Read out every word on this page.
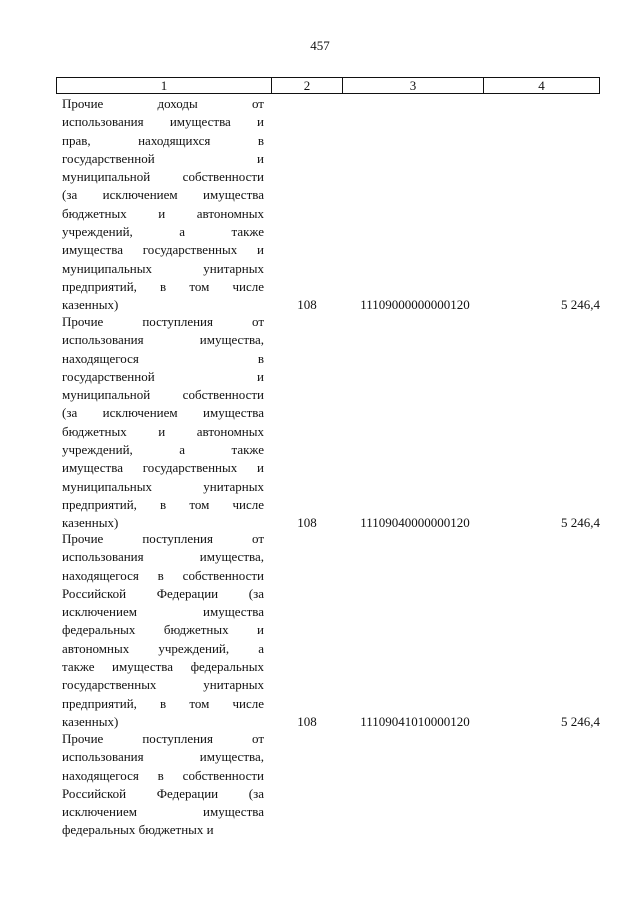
457
1	2	3	4
Прочие доходы от
использования имущества и
прав, находящихся в
государственной и
муниципальной собственности
(за исключением имущества
бюджетных и автономных
учреждений, а также
имущества государственных и
муниципальных унитарных
предприятий, в том числе
казенных)	108	11109000000000120	5 246,4
Прочие поступления от
использования имущества,
находящегося в
государственной и
муниципальной собственности
(за исключением имущества
бюджетных и автономных
учреждений, а также
имущества государственных и
муниципальных унитарных
предприятий, в том числе
казенных)	108	11109040000000120	5 246,4
Прочие поступления от
использования имущества,
находящегося в собственности
Российской Федерации (за
исключением имущества
федеральных бюджетных и
автономных учреждений, а
также имущества федеральных
государственных унитарных
предприятий, в том числе
казенных)	108	11109041010000120	5 246,4
Прочие поступления от
использования имущества,
находящегося в собственности
Российской Федерации (за
исключением имущества
федеральных бюджетных и
